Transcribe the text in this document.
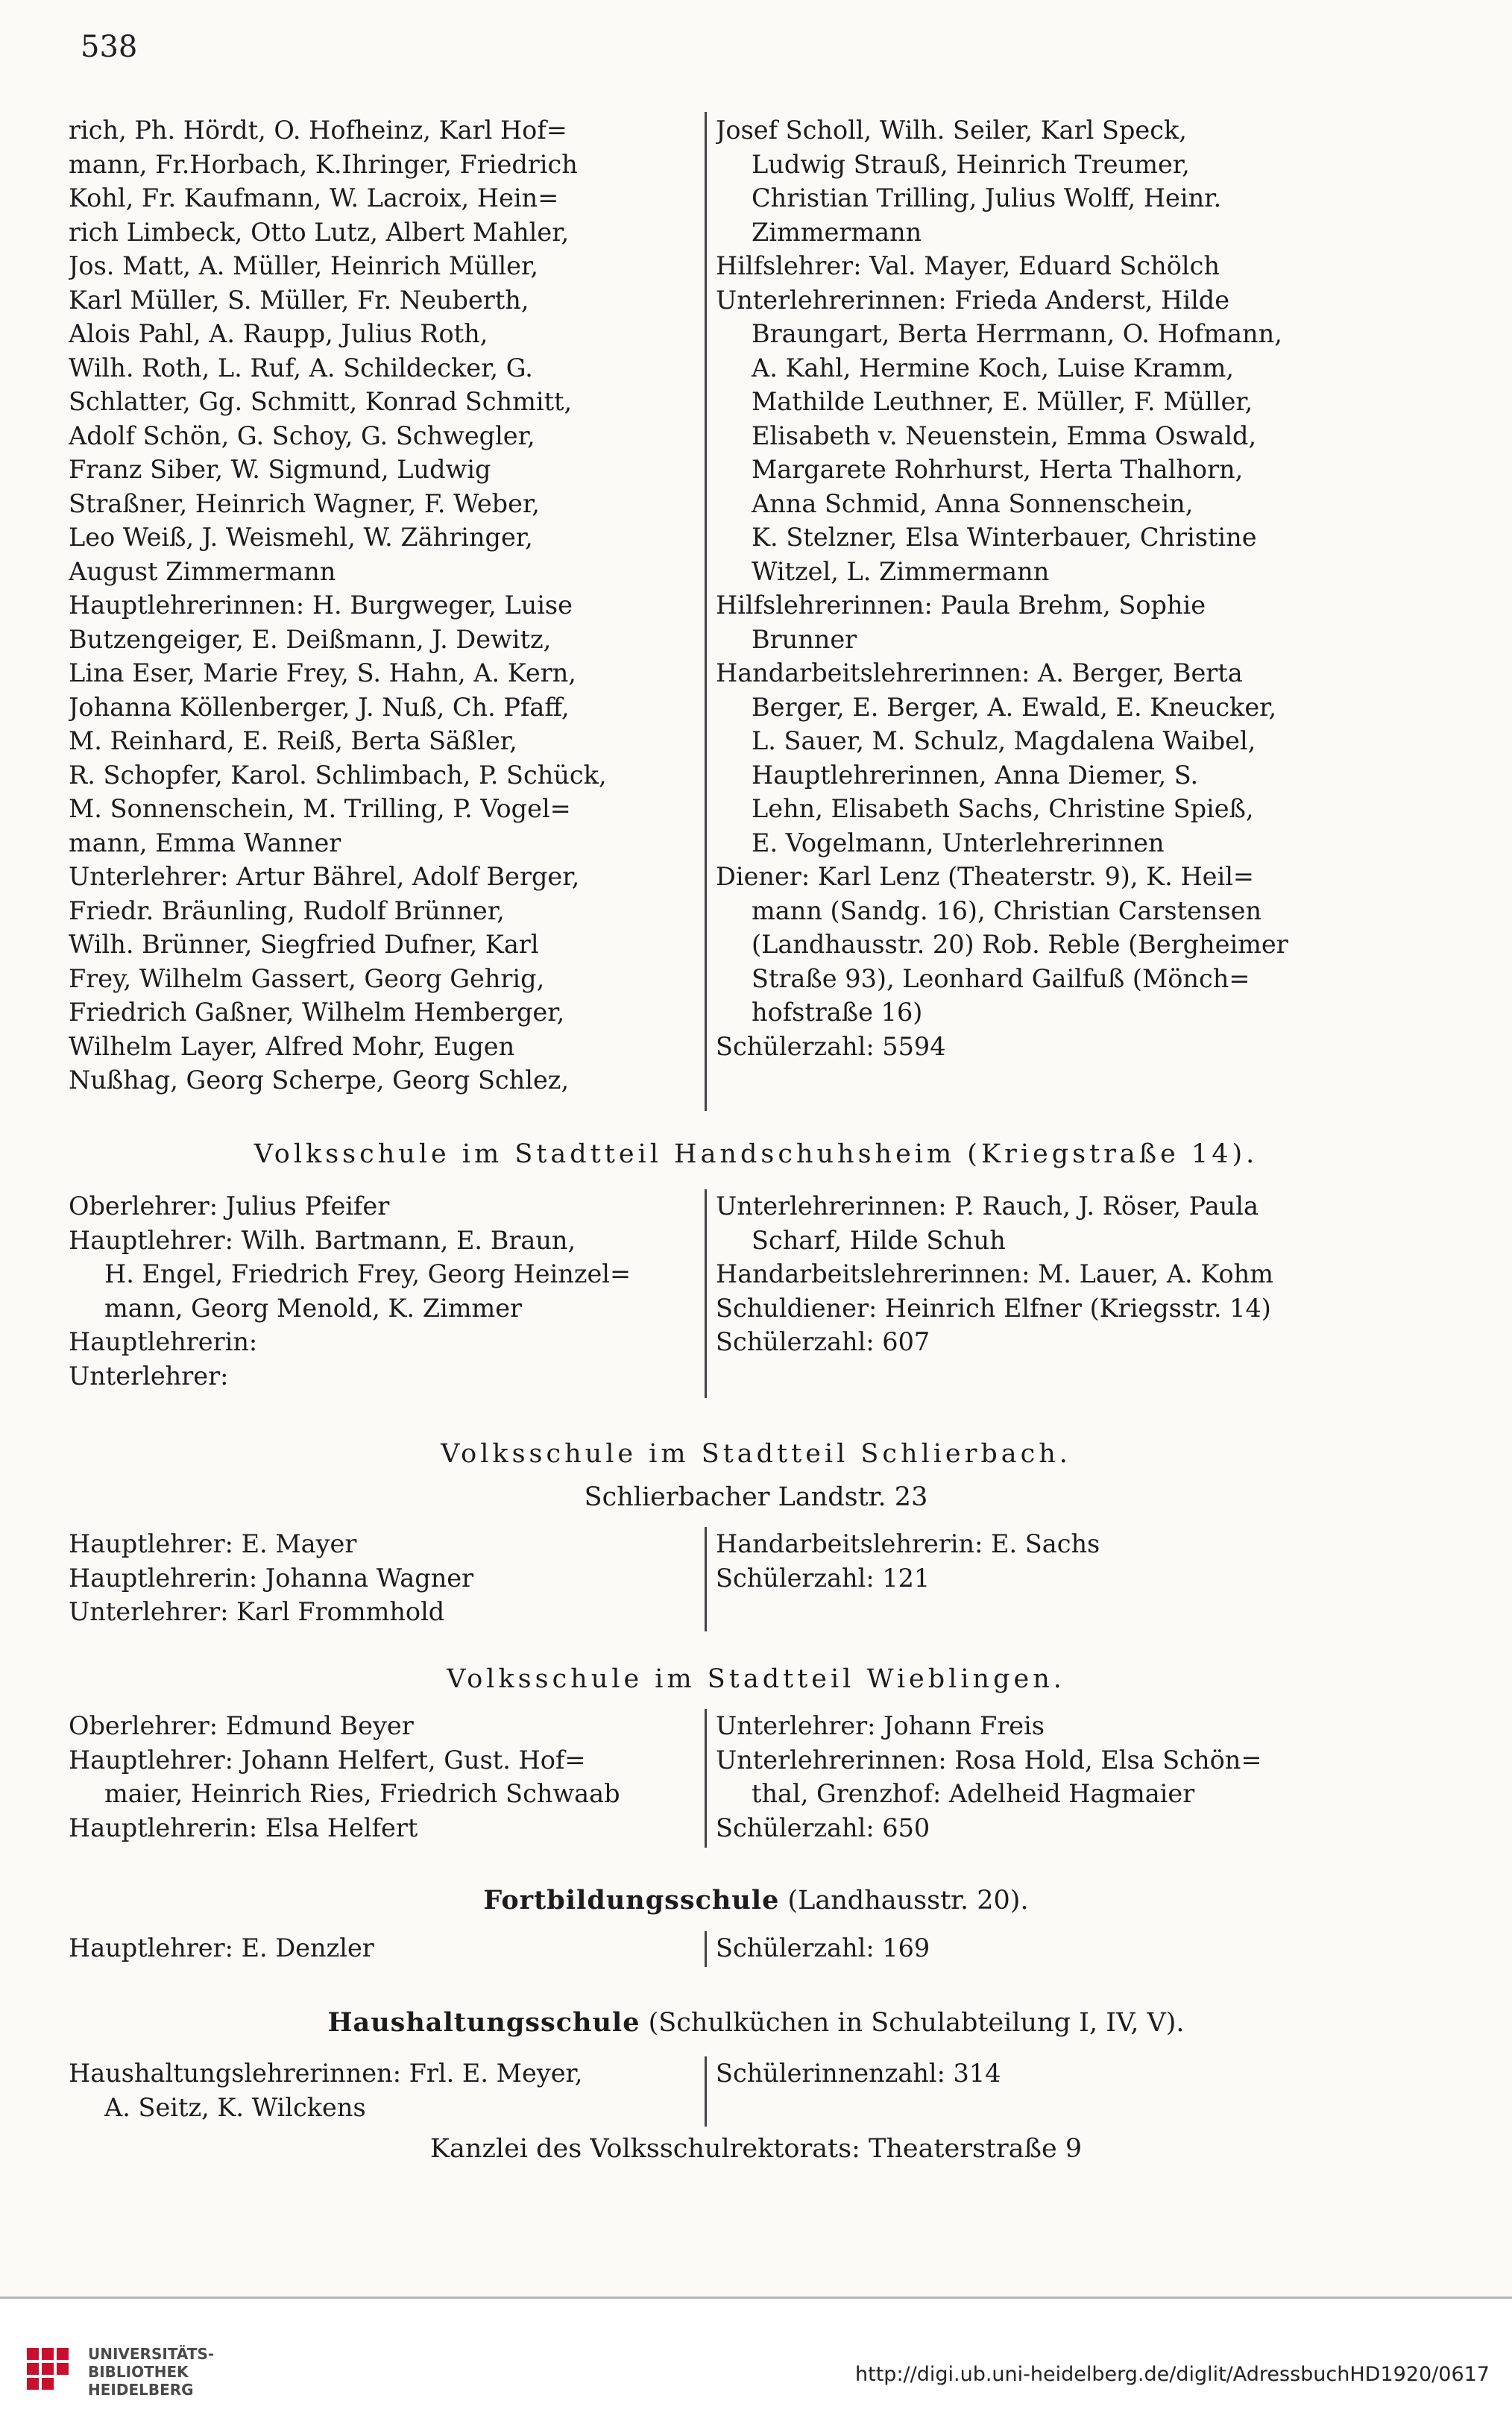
538
rich, Ph. Hördt, O. Hofheinz, Karl Hof=
mann, Fr.Horbach, K.Ihringer, Friedrich
Kohl, Fr. Kaufmann, W. Lacroix, Hein=
rich Limbeck, Otto Lutz, Albert Mahler,
Jos. Matt, A. Müller, Heinrich Müller,
Karl Müller, S. Müller, Fr. Neuberth,
Alois Pahl, A. Raupp, Julius Roth,
Wilh. Roth, L. Ruf, A. Schildecker, G.
Schlatter, Gg. Schmitt, Konrad Schmitt,
Adolf Schön, G. Schoy, G. Schwegler,
Franz Siber, W. Sigmund, Ludwig
Straßner, Heinrich Wagner, F. Weber,
Leo Weiß, J. Weismehl, W. Zähringer,
August Zimmermann
Hauptlehrerinnen: H. Burgweger, Luise
Butzengeiger, E. Deißmann, J. Dewitz,
Lina Eser, Marie Frey, S. Hahn, A. Kern,
Johanna Köllenberger, J. Nuß, Ch. Pfaff,
M. Reinhard, E. Reiß, Berta Säßler,
R. Schopfer, Karol. Schlimbach, P. Schück,
M. Sonnenschein, M. Trilling, P. Vogel=
mann, Emma Wanner
Unterlehrer: Artur Bährel, Adolf Berger,
Friedr. Bräunling, Rudolf Brünner,
Wilh. Brünner, Siegfried Dufner, Karl
Frey, Wilhelm Gassert, Georg Gehrig,
Friedrich Gaßner, Wilhelm Hemberger,
Wilhelm Layer, Alfred Mohr, Eugen
Nußhag, Georg Scherpe, Georg Schlez,
Josef Scholl, Wilh. Seiler, Karl Speck,
Ludwig Strauß, Heinrich Treumer,
Christian Trilling, Julius Wolff, Heinr.
Zimmermann
Hilfslehrer: Val. Mayer, Eduard Schölch
Unterlehrerinnen: Frieda Anderst, Hilde
Braungart, Berta Herrmann, O. Hofmann,
A. Kahl, Hermine Koch, Luise Kramm,
Mathilde Leuthner, E. Müller, F. Müller,
Elisabeth v. Neuenstein, Emma Oswald,
Margarete Rohrhurst, Herta Thalhorn,
Anna Schmid, Anna Sonnenschein,
K. Stelzner, Elsa Winterbauer, Christine
Witzel, L. Zimmermann
Hilfslehrerinnen: Paula Brehm, Sophie
Brunner
Handarbeitslehrerinnen: A. Berger, Berta
Berger, E. Berger, A. Ewald, E. Kneucker,
L. Sauer, M. Schulz, Magdalena Waibel,
Hauptlehrerinnen, Anna Diemer, S.
Lehn, Elisabeth Sachs, Christine Spieß,
E. Vogelmann, Unterlehrerinnen
Diener: Karl Lenz (Theaterstr. 9), K. Heil=
mann (Sandg. 16), Christian Carstensen
(Landhausstr. 20) Rob. Reble (Bergheimer
Straße 93), Leonhard Gailfuß (Mönch=
hofstraße 16)
Schülerzahl: 5594
Volksschule im Stadtteil Handschuhsheim (Kriegstraße 14).
Oberlehrer: Julius Pfeifer
Hauptlehrer: Wilh. Bartmann, E. Braun,
H. Engel, Friedrich Frey, Georg Heinzel=
mann, Georg Menold, K. Zimmer
Hauptlehrerin:
Unterlehrer:
Unterlehrerinnen: P. Rauch, J. Röser, Paula
Scharf, Hilde Schuh
Handarbeitslehrerinnen: M. Lauer, A. Kohm
Schuldiener: Heinrich Elfner (Kriegsstr. 14)
Schülerzahl: 607
Volksschule im Stadtteil Schlierbach.
Schlierbacher Landstr. 23
Hauptlehrer: E. Mayer
Hauptlehrerin: Johanna Wagner
Unterlehrer: Karl Frommhold
Handarbeitslehrerin: E. Sachs
Schülerzahl: 121
Volksschule im Stadtteil Wieblingen.
Oberlehrer: Edmund Beyer
Hauptlehrer: Johann Helfert, Gust. Hof=
maier, Heinrich Ries, Friedrich Schwaab
Hauptlehrerin: Elsa Helfert
Unterlehrer: Johann Freis
Unterlehrerinnen: Rosa Hold, Elsa Schön=
thal, Grenzhof: Adelheid Hagmaier
Schülerzahl: 650
Fortbildungsschule (Landhausstr. 20).
Hauptlehrer: E. Denzler	Schülerzahl: 169
Haushaltungsschule (Schulküchen in Schulabteilung I, IV, V).
Haushaltungslehrerinnen: Frl. E. Meyer,
A. Seitz, K. Wilckens
Schülerinnenzahl: 314
Kanzlei des Volksschulrektorats: Theaterstraße 9
UNIVERSITÄTS-
BIBLIOTHEK
HEIDELBERG
http://digi.ub.uni-heidelberg.de/diglit/AdressbuchHD1920/0617
